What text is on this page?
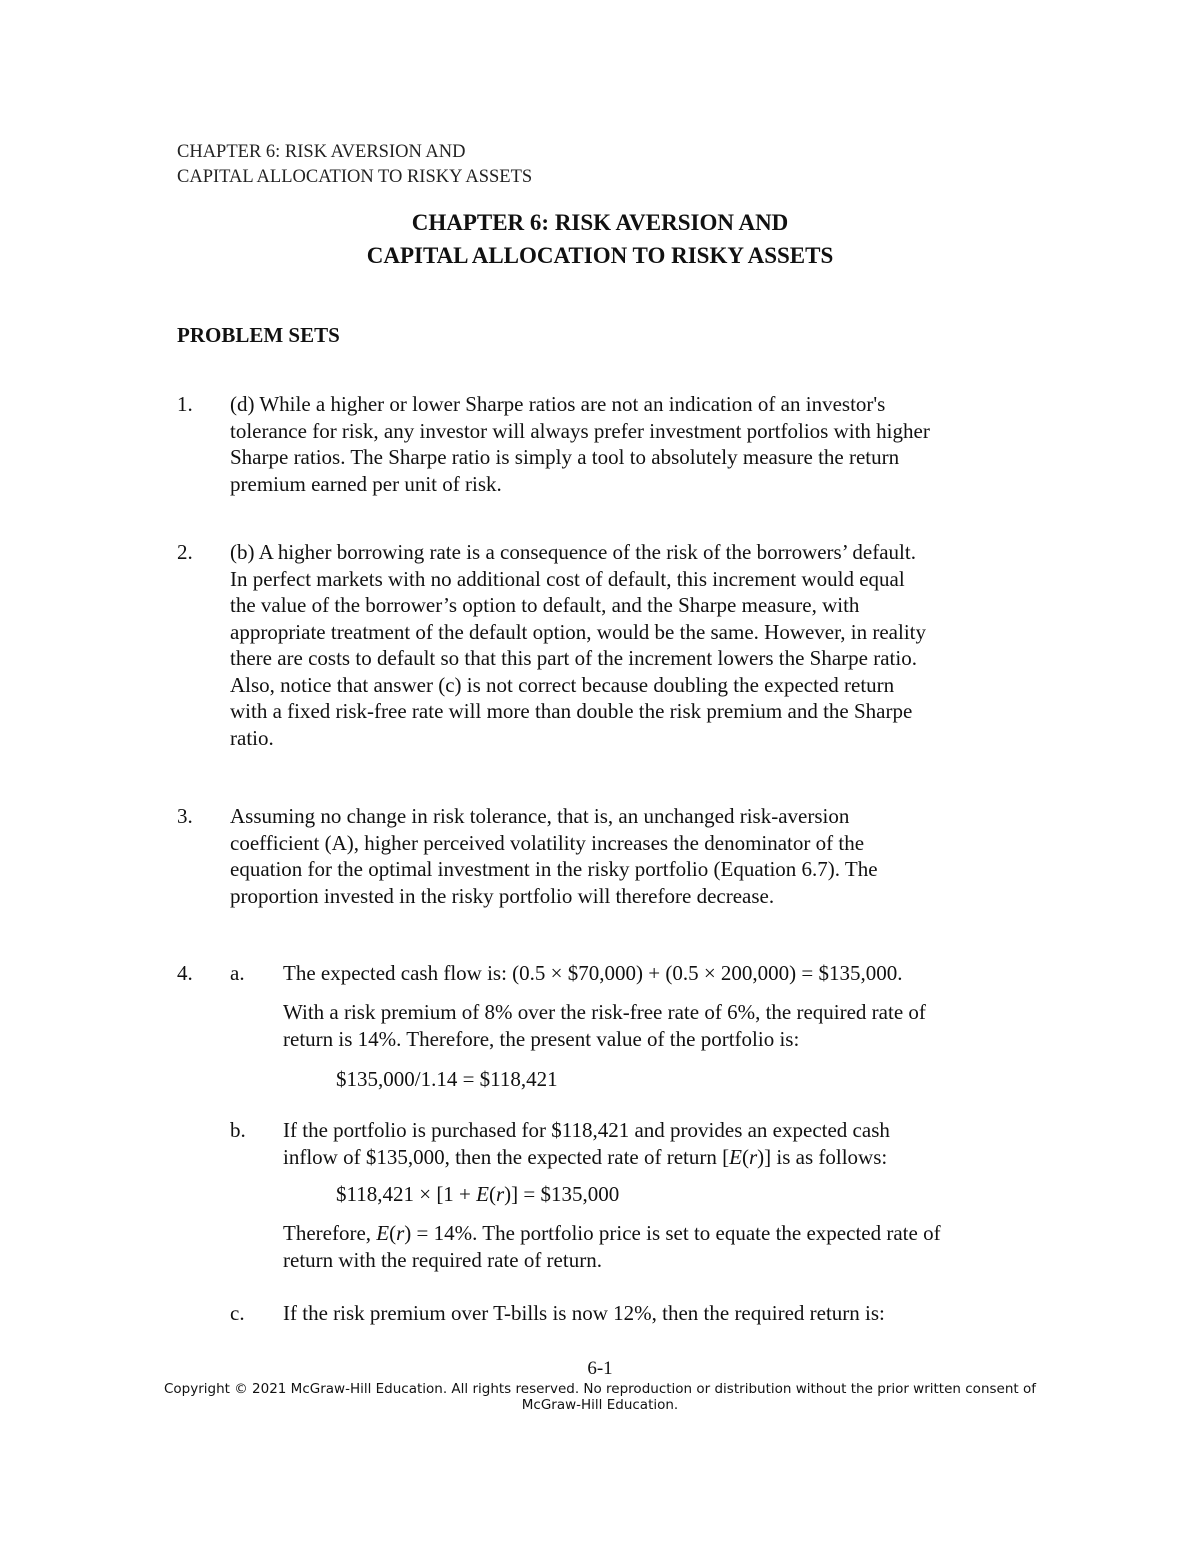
CHAPTER 6: RISK AVERSION AND
CAPITAL ALLOCATION TO RISKY ASSETS
CHAPTER 6: RISK AVERSION AND
CAPITAL ALLOCATION TO RISKY ASSETS
PROBLEM SETS
1. (d) While a higher or lower Sharpe ratios are not an indication of an investor's
tolerance for risk, any investor will always prefer investment portfolios with higher
Sharpe ratios. The Sharpe ratio is simply a tool to absolutely measure the return
premium earned per unit of risk.
2. (b) A higher borrowing rate is a consequence of the risk of the borrowers’ default.
In perfect markets with no additional cost of default, this increment would equal
the value of the borrower’s option to default, and the Sharpe measure, with
appropriate treatment of the default option, would be the same. However, in reality
there are costs to default so that this part of the increment lowers the Sharpe ratio.
Also, notice that answer (c) is not correct because doubling the expected return
with a fixed risk-free rate will more than double the risk premium and the Sharpe
ratio.
3. Assuming no change in risk tolerance, that is, an unchanged risk-aversion
coefficient (A), higher perceived volatility increases the denominator of the
equation for the optimal investment in the risky portfolio (Equation 6.7). The
proportion invested in the risky portfolio will therefore decrease.
4. a. The expected cash flow is: (0.5 × $70,000) + (0.5 × 200,000) = $135,000.
With a risk premium of 8% over the risk-free rate of 6%, the required rate of
return is 14%. Therefore, the present value of the portfolio is:
$135,000/1.14 = $118,421
b. If the portfolio is purchased for $118,421 and provides an expected cash
inflow of $135,000, then the expected rate of return [E(r)] is as follows:
$118,421 × [1 + E(r)] = $135,000
Therefore, E(r) = 14%. The portfolio price is set to equate the expected rate of
return with the required rate of return.
c. If the risk premium over T-bills is now 12%, then the required return is:
6-1
Copyright © 2021 McGraw-Hill Education. All rights reserved. No reproduction or distribution without the prior written consent of
McGraw-Hill Education.
